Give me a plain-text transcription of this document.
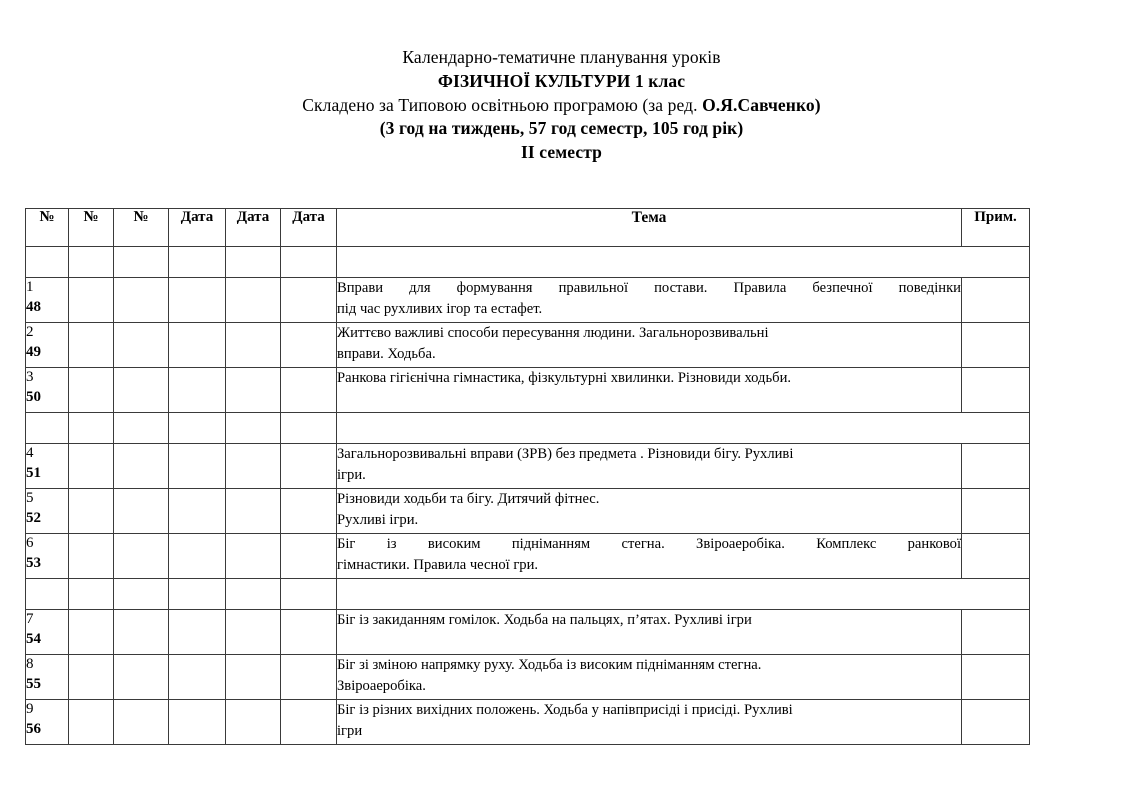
Календарно-тематичне планування уроків
ФІЗИЧНОЇ КУЛЬТУРИ 1 клас
Складено за Типовою освітньою програмою (за ред. О.Я.Савченко)
(3 год на тиждень, 57 год семестр, 105 год рік)
II семестр
№	№	№	Дата	Дата	Дата	Тема	Прим.

1
48						Вправи для формування правильної постави. Правила безпечної поведінки
під час рухливих ігор та естафет.	

2
49						Життєво важливі способи пересування людини. Загальнорозвивальні
вправи. Ходьба.	

3
50						Ранкова гігієнічна гімнастика, фізкультурні хвилинки. Різновиди ходьби.	

4
51						Загальнорозвивальні вправи (ЗРВ) без предмета . Різновиди бігу. Рухливі
ігри.	

5
52						Різновиди ходьби та бігу. Дитячий фітнес.
Рухливі ігри.	

6
53						Біг із високим підніманням стегна. Звіроаеробіка. Комплекс ранкової
гімнастики. Правила чесної гри.	

7
54						Біг із закиданням гомілок. Ходьба на пальцях, п’ятах. Рухливі ігри	

8
55						Біг зі зміною напрямку руху. Ходьба із високим підніманням стегна.
Звіроаеробіка.	

9
56						Біг із різних вихідних положень. Ходьба у напівприсіді і присіді. Рухливі
ігри	
